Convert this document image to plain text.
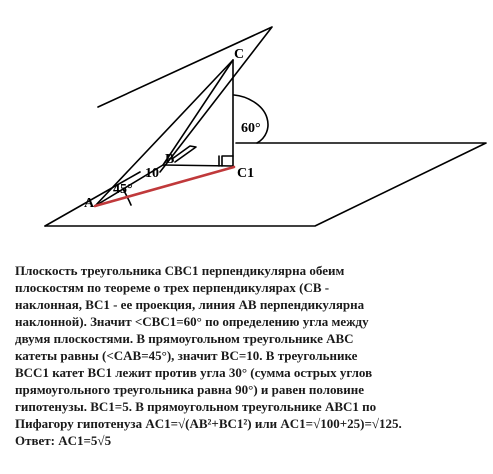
C
B
A
C1
10
45°
60°
Плоскость треугольника CBC1 перпендикулярна обеим
плоскостям по теореме о трех перпендикулярах (CB -
наклонная, BC1 - ее проекция, линия AB перпендикулярна
наклонной). Значит <CBC1=60° по определению угла между
двумя плоскостями. В прямоугольном треугольнике ABC
катеты равны (<CAB=45°), значит BC=10. В треугольнике
BCC1 катет BC1 лежит против угла 30° (сумма острых углов
прямоугольного треугольника равна 90°) и равен половине
гипотенузы. BC1=5. В прямоугольном треугольнике ABC1 по
Пифагору гипотенуза AC1=√(AB²+BC1²) или AC1=√100+25)=√125.
Ответ: AC1=5√5
